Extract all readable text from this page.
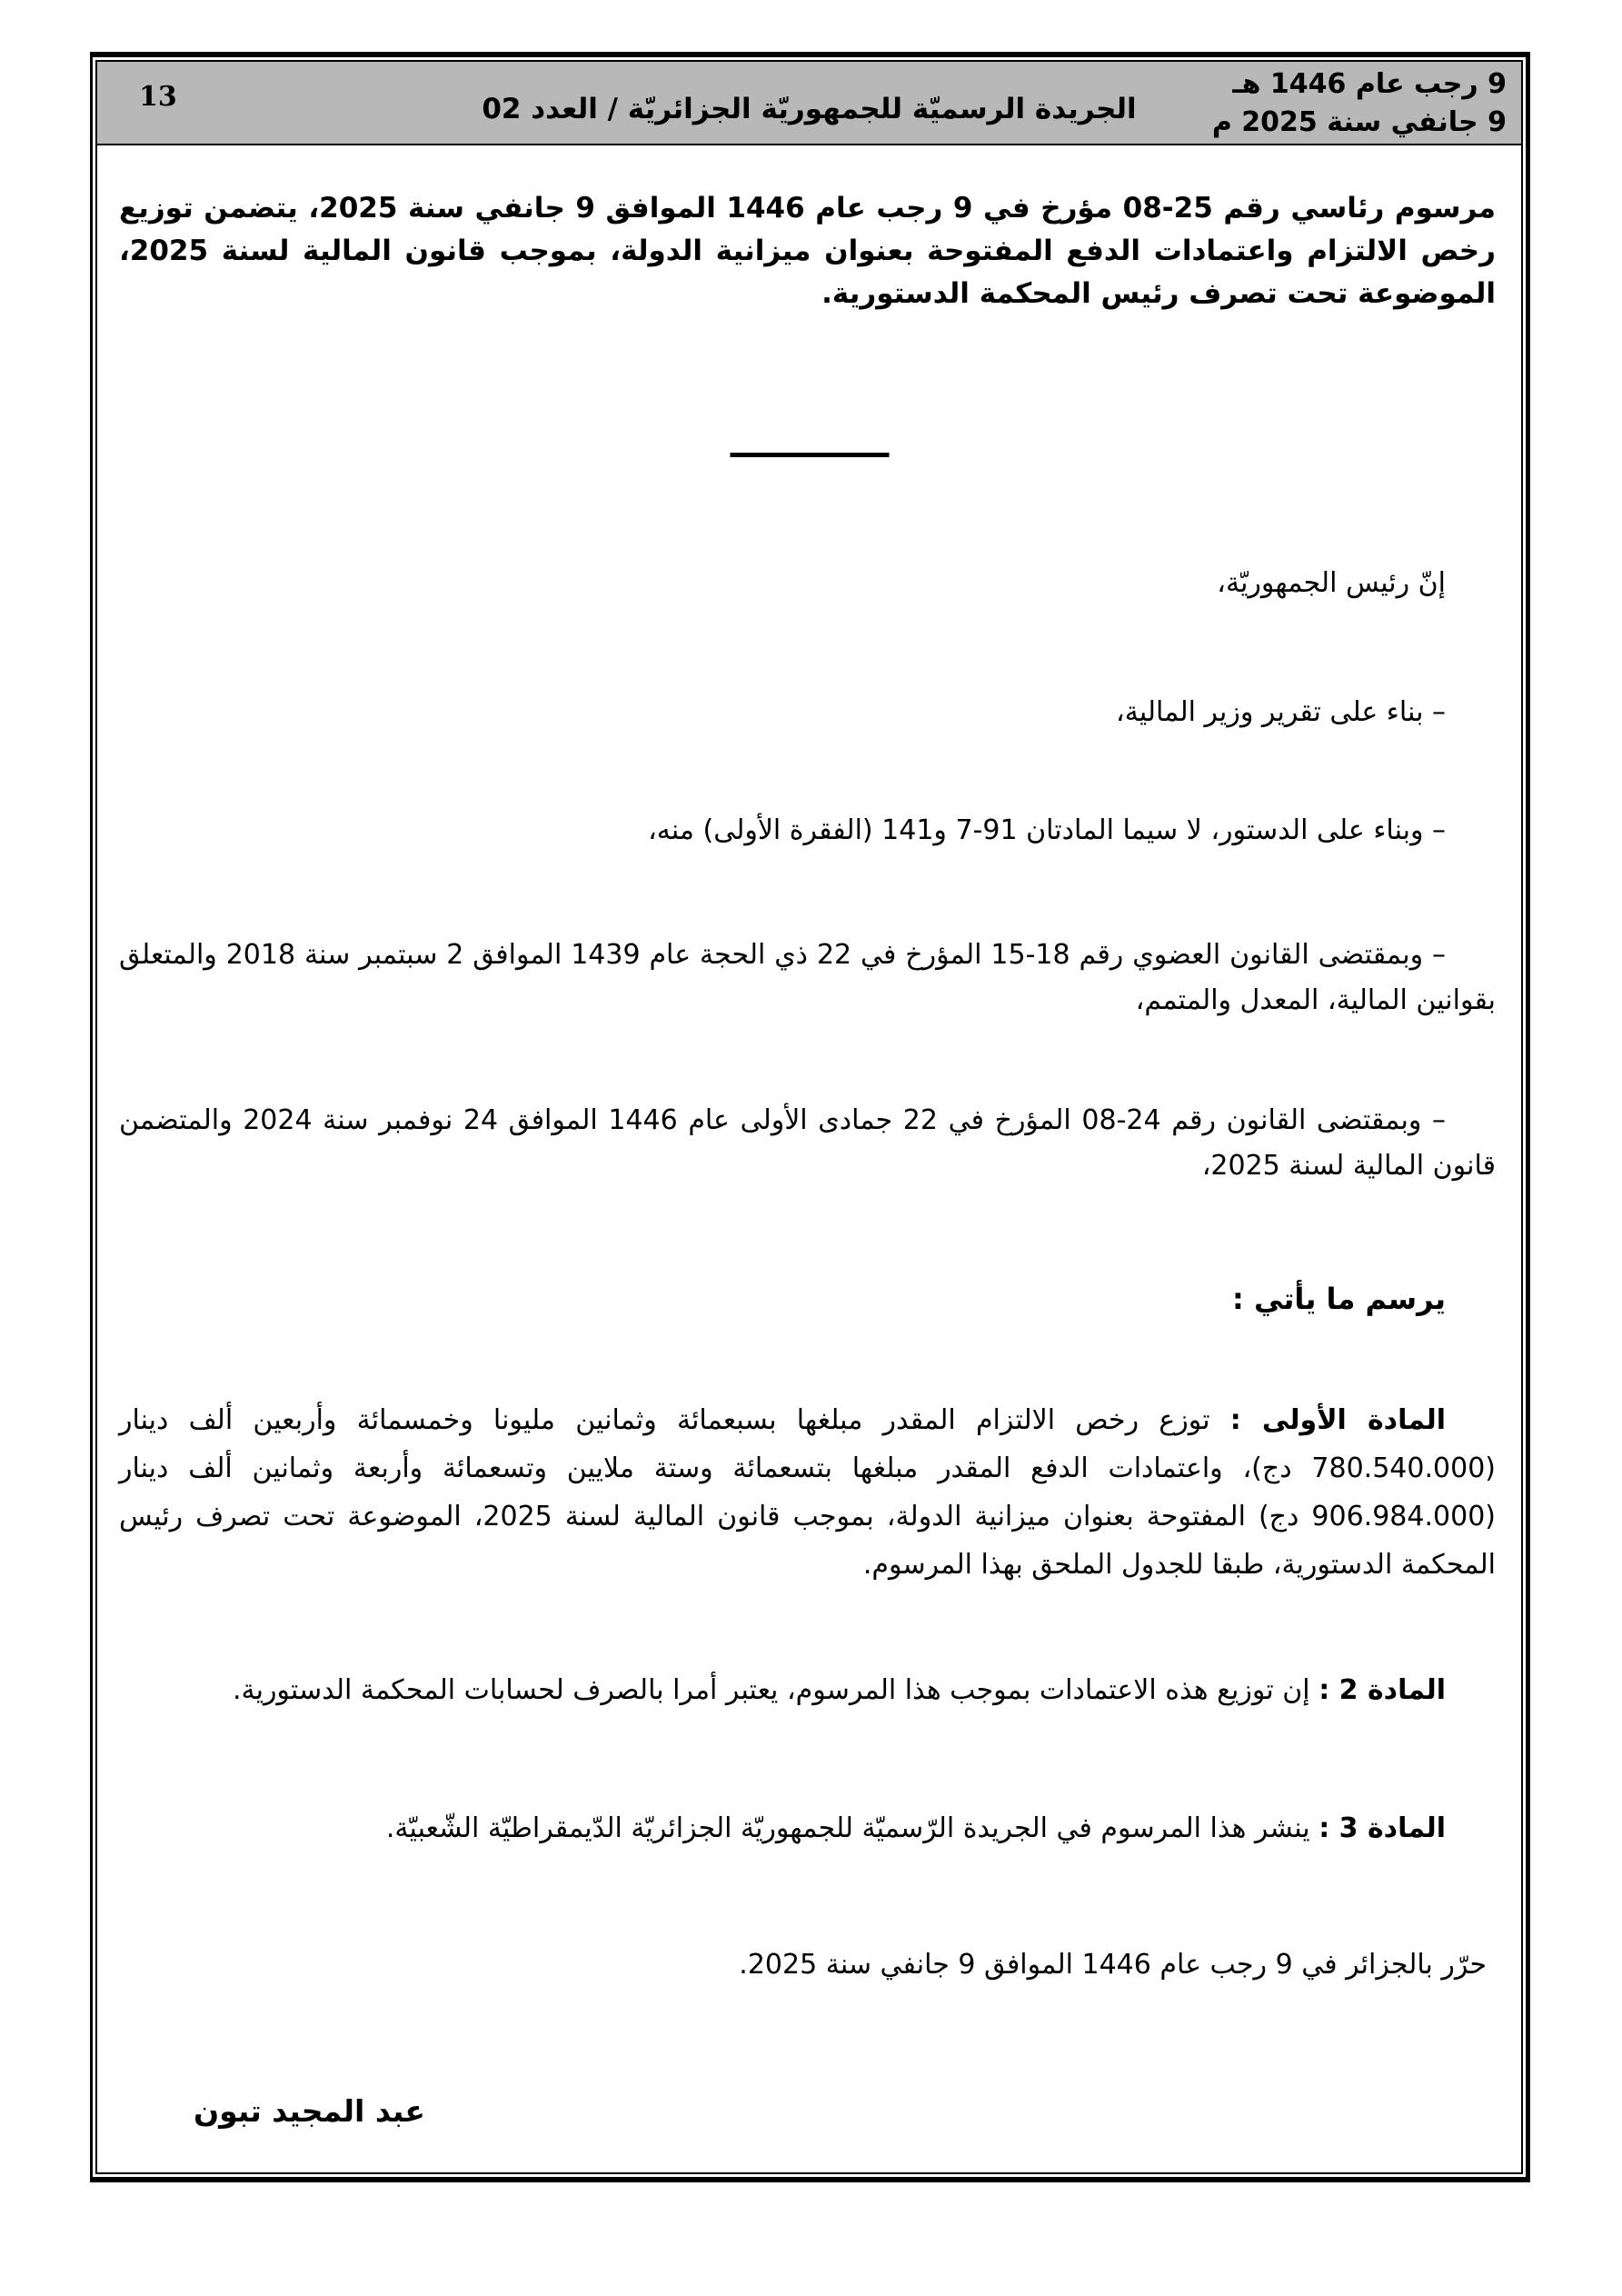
13	الجريدة الرسميّة للجمهوريّة الجزائريّة / العدد 02
9 رجب عام 1446 هـ
9 جانفي سنة 2025 م

مرسوم رئاسي رقم 25-08 مؤرخ في 9 رجب عام 1446 الموافق 9 جانفي سنة 2025، يتضمن توزيع رخص الالتزام واعتمادات الدفع المفتوحة بعنوان ميزانية الدولة، بموجب قانون المالية لسنة 2025، الموضوعة تحت تصرف رئيس المحكمة الدستورية.

إنّ رئيس الجمهوريّة،

– بناء على تقرير وزير المالية،

– وبناء على الدستور، لا سيما المادتان 91-7 و141 (الفقرة الأولى) منه،

– وبمقتضى القانون العضوي رقم 18-15 المؤرخ في 22 ذي الحجة عام 1439 الموافق 2 سبتمبر سنة 2018 والمتعلق بقوانين المالية، المعدل والمتمم،

– وبمقتضى القانون رقم 24-08 المؤرخ في 22 جمادى الأولى عام 1446 الموافق 24 نوفمبر سنة 2024 والمتضمن قانون المالية لسنة 2025،

يرسم ما يأتي :

المادة الأولى : توزع رخص الالتزام المقدر مبلغها بسبعمائة وثمانين مليونا وخمسمائة وأربعين ألف دينار (780.540.000 دج)، واعتمادات الدفع المقدر مبلغها بتسعمائة وستة ملايين وتسعمائة وأربعة وثمانين ألف دينار (906.984.000 دج) المفتوحة بعنوان ميزانية الدولة، بموجب قانون المالية لسنة 2025، الموضوعة تحت تصرف رئيس المحكمة الدستورية، طبقا للجدول الملحق بهذا المرسوم.

المادة 2 : إن توزيع هذه الاعتمادات بموجب هذا المرسوم، يعتبر أمرا بالصرف لحسابات المحكمة الدستورية.

المادة 3 : ينشر هذا المرسوم في الجريدة الرّسميّة للجمهوريّة الجزائريّة الدّيمقراطيّة الشّعبيّة.

حرّر بالجزائر في 9 رجب عام 1446 الموافق 9 جانفي سنة 2025.

عبد المجيد تبون
